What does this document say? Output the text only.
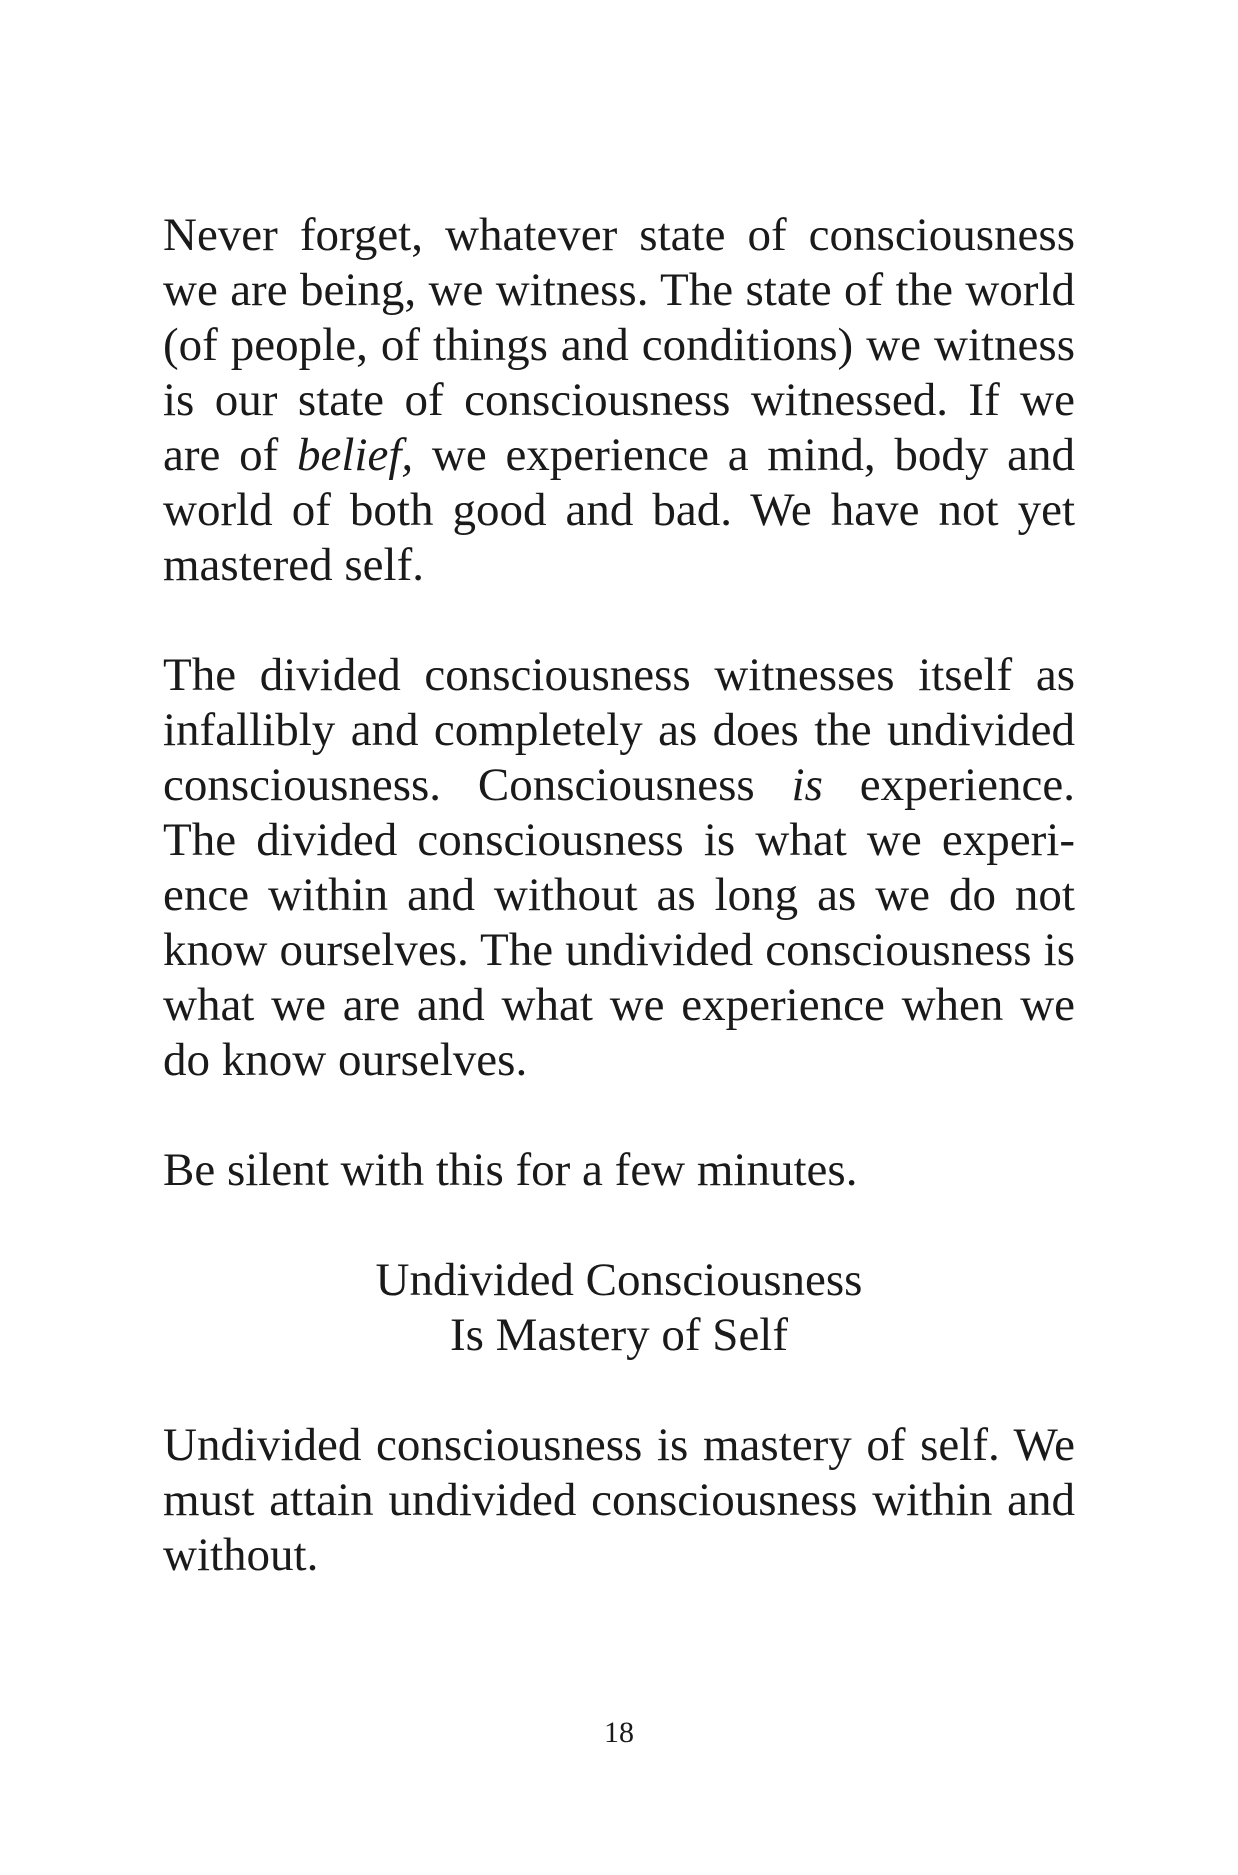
Never forget, whatever state of consciousness we are being, we witness. The state of the world (of people, of things and conditions) we witness is our state of consciousness witnessed. If we are of belief, we experience a mind, body and world of both good and bad. We have not yet mastered self.

The divided consciousness witnesses itself as infallibly and completely as does the undivided consciousness. Consciousness is experience. The divided consciousness is what we experience within and without as long as we do not know ourselves. The undivided consciousness is what we are and what we experience when we do know ourselves.

Be silent with this for a few minutes.

Undivided Consciousness

Is Mastery of Self

Undivided consciousness is mastery of self. We must attain undivided consciousness within and without.

18
